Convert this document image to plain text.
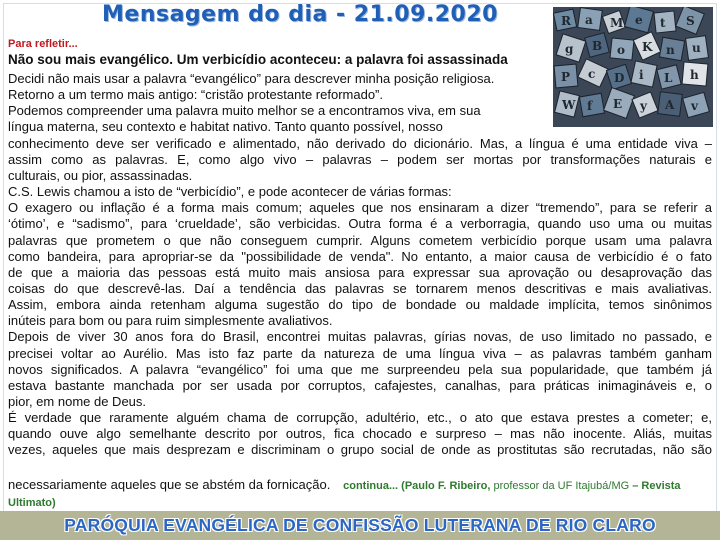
Mensagem do dia - 21.09.2020	R a M e t S
g B o K n u
P c D i L h
W f E y A v
Para refletir...
Não sou mais evangélico. Um verbicídio aconteceu: a palavra foi assassinada
Decidi não mais usar a palavra “evangélico” para descrever minha posição religiosa.
Retorno a um termo mais antigo: “cristão protestante reformado”.
Podemos compreender uma palavra muito melhor se a encontramos viva, em sua
língua materna, seu contexto e habitat nativo. Tanto quanto possível, nosso
conhecimento deve ser verificado e alimentado, não derivado do dicionário. Mas, a língua é uma entidade viva –
assim como as palavras. E, como algo vivo – palavras – podem ser mortas por transformações naturais e
culturais, ou pior, assassinadas.
C.S. Lewis chamou a isto de “verbicídio”, e pode acontecer de várias formas:
O exagero ou inflação é a forma mais comum; aqueles que nos ensinaram a dizer “tremendo”, para se referir a
‘ótimo’, e “sadismo”, para ‘crueldade’, são verbicidas. Outra forma é a verborragia, quando uso uma ou muitas
palavras que prometem o que não conseguem cumprir. Alguns cometem verbicídio porque usam uma palavra
como bandeira, para apropriar-se da "possibilidade de venda". No entanto, a maior causa de verbicídio é o fato
de que a maioria das pessoas está muito mais ansiosa para expressar sua aprovação ou desaprovação das
coisas do que descrevê-las. Daí a tendência das palavras se tornarem menos descritivas e mais avaliativas.
Assim, embora ainda retenham alguma sugestão do tipo de bondade ou maldade implícita, temos sinônimos
inúteis para bom ou para ruim simplesmente avaliativos.
Depois de viver 30 anos fora do Brasil, encontrei muitas palavras, gírias novas, de uso limitado no passado, e
precisei voltar ao Aurélio. Mas isto faz parte da natureza de uma língua viva – as palavras também ganham
novos significados. A palavra “evangélico” foi uma que me surpreendeu pela sua popularidade, que também já
estava bastante manchada por ser usada por corruptos, cafajestes, canalhas, para práticas inimagináveis e, o
pior, em nome de Deus.
É verdade que raramente alguém chama de corrupção, adultério, etc., o ato que estava prestes a cometer; e,
quando ouve algo semelhante descrito por outros, fica chocado e surpreso – mas não inocente. Aliás, muitas
vezes, aqueles que mais desprezam e discriminam o grupo social de onde as prostitutas são recrutadas, não são
necessariamente aqueles que se abstém da fornicação. continua... (Paulo F. Ribeiro, professor da UF Itajubá/MG – Revista
Ultimato)
PARÓQUIA EVANGÉLICA DE CONFISSÃO LUTERANA DE RIO CLARO
